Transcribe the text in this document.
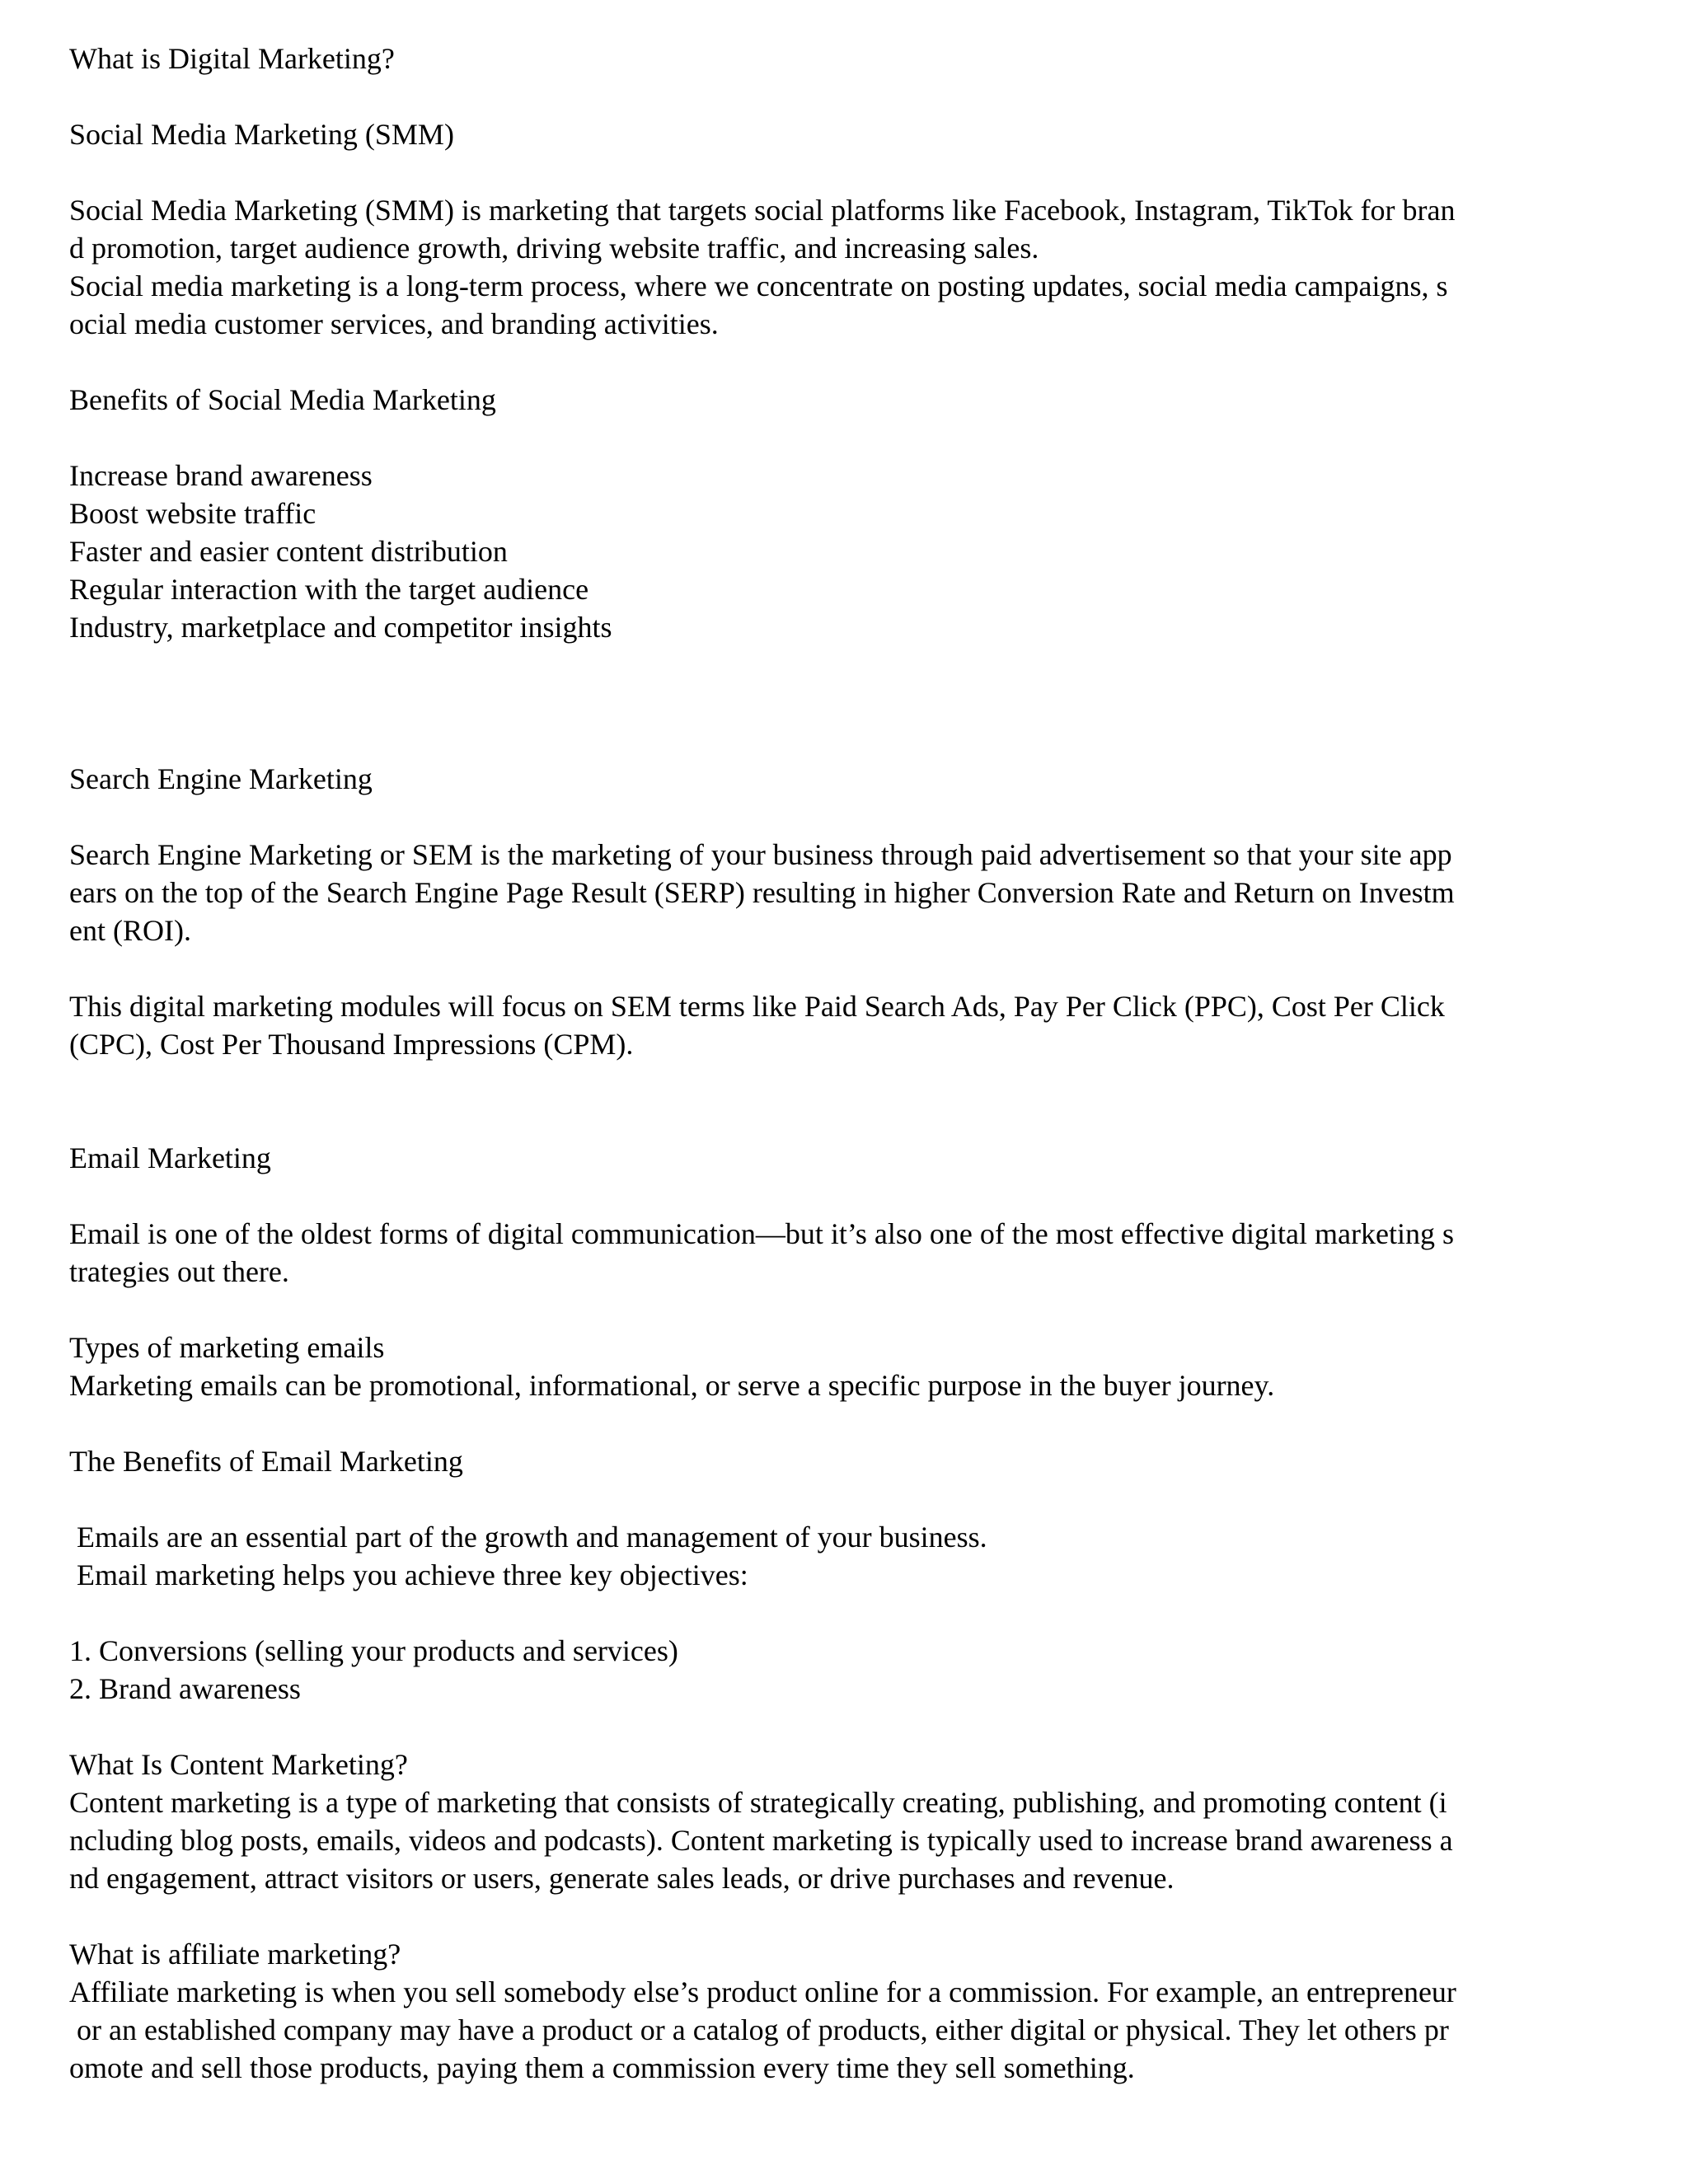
What is Digital Marketing?
Social Media Marketing (SMM)
Social Media Marketing (SMM) is marketing that targets social platforms like Facebook, Instagram, TikTok for bran
d promotion, target audience growth, driving website traffic, and increasing sales.
Social media marketing is a long-term process, where we concentrate on posting updates, social media campaigns, s
ocial media customer services, and branding activities.
Benefits of Social Media Marketing
Increase brand awareness
Boost website traffic
Faster and easier content distribution
Regular interaction with the target audience
Industry, marketplace and competitor insights
Search Engine Marketing
Search Engine Marketing or SEM is the marketing of your business through paid advertisement so that your site app
ears on the top of the Search Engine Page Result (SERP) resulting in higher Conversion Rate and Return on Investm
ent (ROI).
This digital marketing modules will focus on SEM terms like Paid Search Ads, Pay Per Click (PPC), Cost Per Click
(CPC), Cost Per Thousand Impressions (CPM).
Email Marketing
Email is one of the oldest forms of digital communication—but it’s also one of the most effective digital marketing s
trategies out there.
Types of marketing emails
Marketing emails can be promotional, informational, or serve a specific purpose in the buyer journey.
The Benefits of Email Marketing
Emails are an essential part of the growth and management of your business.
Email marketing helps you achieve three key objectives:
1. Conversions (selling your products and services)
2. Brand awareness
What Is Content Marketing?
Content marketing is a type of marketing that consists of strategically creating, publishing, and promoting content (i
ncluding blog posts, emails, videos and podcasts). Content marketing is typically used to increase brand awareness a
nd engagement, attract visitors or users, generate sales leads, or drive purchases and revenue.
What is affiliate marketing?
Affiliate marketing is when you sell somebody else’s product online for a commission. For example, an entrepreneur
or an established company may have a product or a catalog of products, either digital or physical. They let others pr
omote and sell those products, paying them a commission every time they sell something.
